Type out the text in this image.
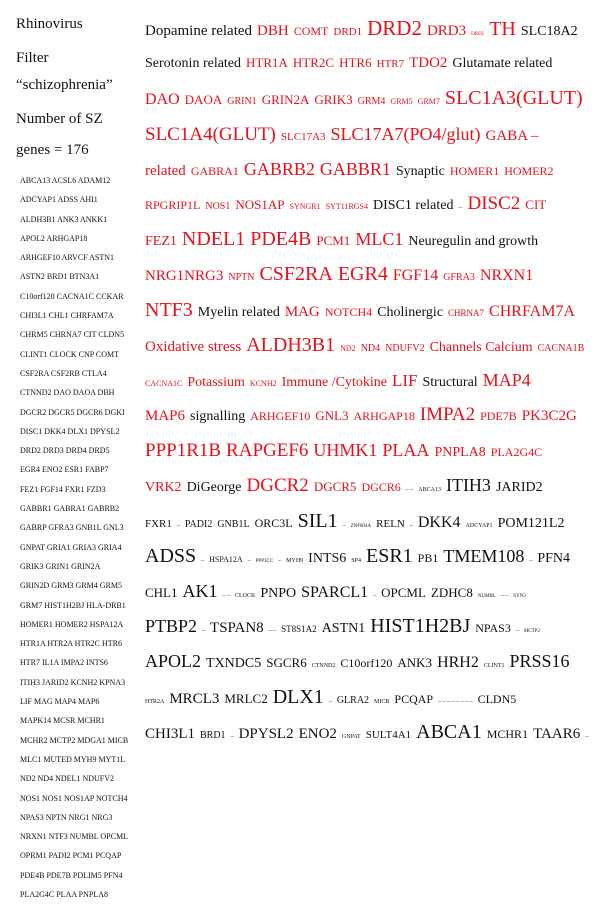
Rhinovirus

Filter

“schizophrenia”

Number of SZ

genes = 176

ABCA13 ACSL6 ADAM12
ADCYAP1 ADSS AHI1
ALDH3B1 ANK3 ANKK1
APOL2 ARHGAP18
ARHGEF10 ARVCF ASTN1
ASTN2 BRD1 BTN3A1
C10orf120 CACNA1C CCKAR
CHI3L1 CHL1 CHRFAM7A
CHRM5 CHRNA7 CIT CLDN5
CLINT1 CLOCK CNP COMT
CSF2RA CSF2RB CTLA4
CTNND2 DAO DAOA DBH
DGCR2 DGCR5 DGCR6 DGKI
DISC1 DKK4 DLX1 DPYSL2
DRD2 DRD3 DRD4 DRD5
EGR4 ENO2 ESR1 FABP7
FEZ1 FGF14 FXR1 FZD3
GABBR1 GABRA1 GABRB2
GABRP GFRA3 GNB1L GNL3
GNPAT GRIA1 GRIA3 GRIA4
GRIK3 GRIN1 GRIN2A
GRIN2D GRM3 GRM4 GRM5
GRM7 HIST1H2BJ HLA-DRB1
HOMER1 HOMER2 HSPA12A
HTR1A HTR2A HTR2C HTR6
HTR7 IL1A IMPA2 INTS6
ITIH3 JARID2 KCNH2 KPNA3
LIF MAG MAP4 MAP6
MAPK14 MCSR MCHR1
MCHR2 MCTP2 MDGA1 MICB
MLC1 MUTED MYH9 MYT1L
ND2 ND4 NDEL1 NDUFV2
NOS1 NOS1 NOS1AP NOTCH4
NPAS3 NPTN NRG1 NRG3
NRXN1 NTF3 NUMBL OPCML
OPRM1 PADI2 PCM1 PCQAP
PDE4B PDE7B PDLIM5 PFN4
PLA2G4C PLAA PNPLA8
Dopamine related DBH COMT DRD1 DRD2 DRD3 DRD5 TH SLC18A2
Serotonin related HTR1A HTR2C HTR6 HTR7 TDO2 Glutamate related
DAO DAOA GRIN1 GRIN2A GRIK3 GRM4 GRM5 GRM7 SLC1A3(GLUT)
SLC1A4(GLUT) SLC17A3 SLC17A7(PO4/glut) GABA –
related GABRA1 GABRB2 GABBR1 Synaptic HOMER1 HOMER2
RPGRIP1L NOS1 NOS1AP SYNGR1 SYT11RGS4 DISC1 related – DISC2 CIT
FEZ1 NDEL1 PDE4B PCM1 MLC1 Neuregulin and growth
NRG1NRG3 NPTN CSF2RA EGR4 FGF14 GFRA3 NRXN1
NTF3 Myelin related MAG NOTCH4 Cholinergic CHRNA7 CHRFAM7A
Oxidative stress ALDH3B1 ND2 ND4 NDUFV2 Channels Calcium CACNA1B
CACNA1C Potassium KCNH2 Immune /Cytokine LIF Structural MAP4
MAP6 signalling ARHGEF10 GNL3 ARHGAP18 IMPA2 PDE7B PK3C2G
PPP1R1B RAPGEF6 UHMK1 PLAA PNPLA8 PLA2G4C
VRK2 DiGeorge DGCR2 DGCR5 DGCR6 – – ABCA13 ITIH3 JARID2
FXR1 – PADI2 GNB1L ORC3L SIL1 – ZNF804A RELN – DKK4 ADCYAP1 POM121L2
ADSS – HSPA12A – PPP3CC – MYH9 INTS6 SP4 ESR1 PB1 TMEM108 – PFN4
CHL1 AK1 – – CLOCK PNPO SPARCL1 – OPCML ZDHC8 NUMBL – – SYN3
PTBP2 – TSPAN8 – – ST8S1A2 ASTN1 HIST1H2BJ NPAS3 – MCTP2
APOL2 TXNDC5 SGCR6 CTNND2 C10orf120 ANK3 HRH2 CLINT1 PRSS16
HTR2A MRCL3 MRLC2 DLX1 – GLRA2 MICB PCQAP – – – – – – – – CLDN5
CHI3L1 BRD1 – DPYSL2 ENO2 GNPAT SULT4A1 ABCA1 MCHR1 TAAR6 –
